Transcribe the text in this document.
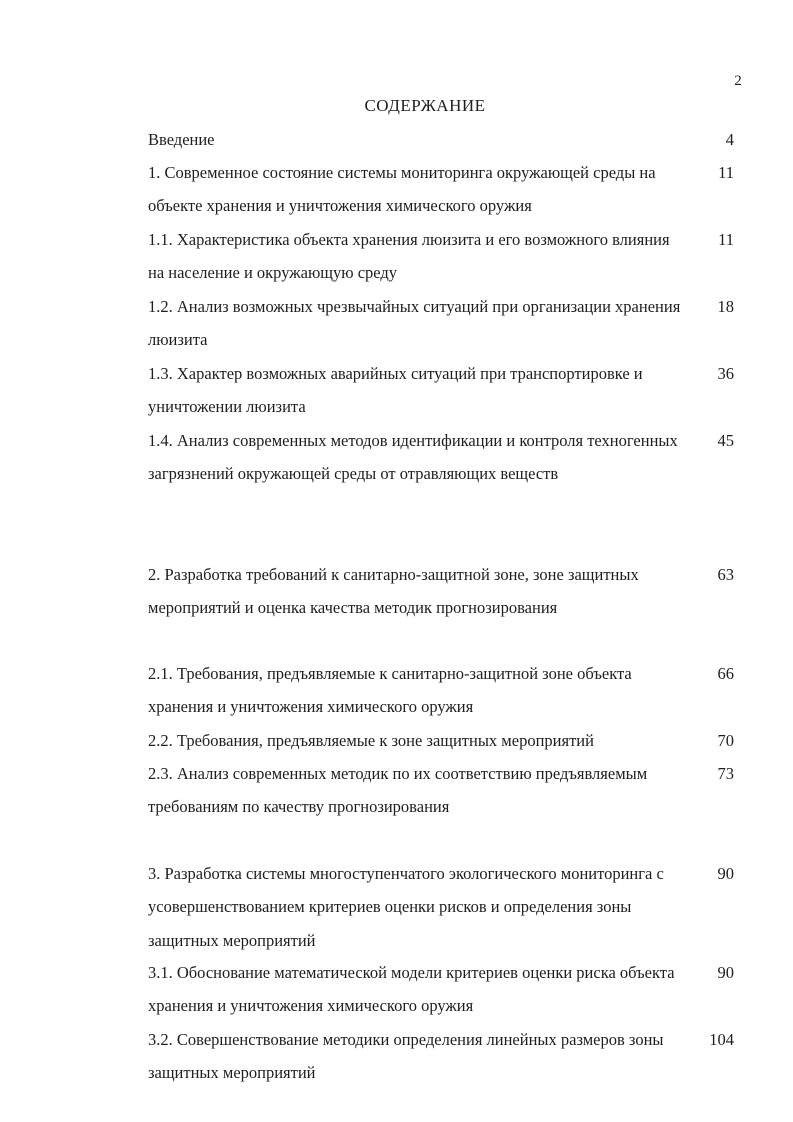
2
СОДЕРЖАНИЕ
Введение	4
1. Современное состояние системы мониторинга окружающей среды на объекте хранения и уничтожения химического оружия
11
1.1. Характеристика объекта хранения люизита и его возможного влияния на население и окружающую среду
11
1.2. Анализ возможных чрезвычайных ситуаций при организации хранения люизита
18
1.3. Характер возможных аварийных ситуаций при транспортировке и уничтожении люизита
36
1.4. Анализ современных методов идентификации и контроля техногенных загрязнений окружающей среды от отравляющих веществ
45
2. Разработка требований к санитарно-защитной зоне, зоне защитных мероприятий и оценка качества методик прогнозирования
63
2.1. Требования, предъявляемые к санитарно-защитной зоне объекта хранения и уничтожения химического оружия
66
2.2. Требования, предъявляемые к зоне защитных мероприятий	70
2.3. Анализ современных методик по их соответствию предъявляемым требованиям по качеству прогнозирования
73
3. Разработка системы многоступенчатого экологического мониторинга с усовершенствованием критериев оценки рисков и определения зоны защитных мероприятий
90
3.1. Обоснование математической модели критериев оценки риска объекта хранения и уничтожения химического оружия
90
3.2. Совершенствование методики определения линейных размеров зоны защитных мероприятий
104
